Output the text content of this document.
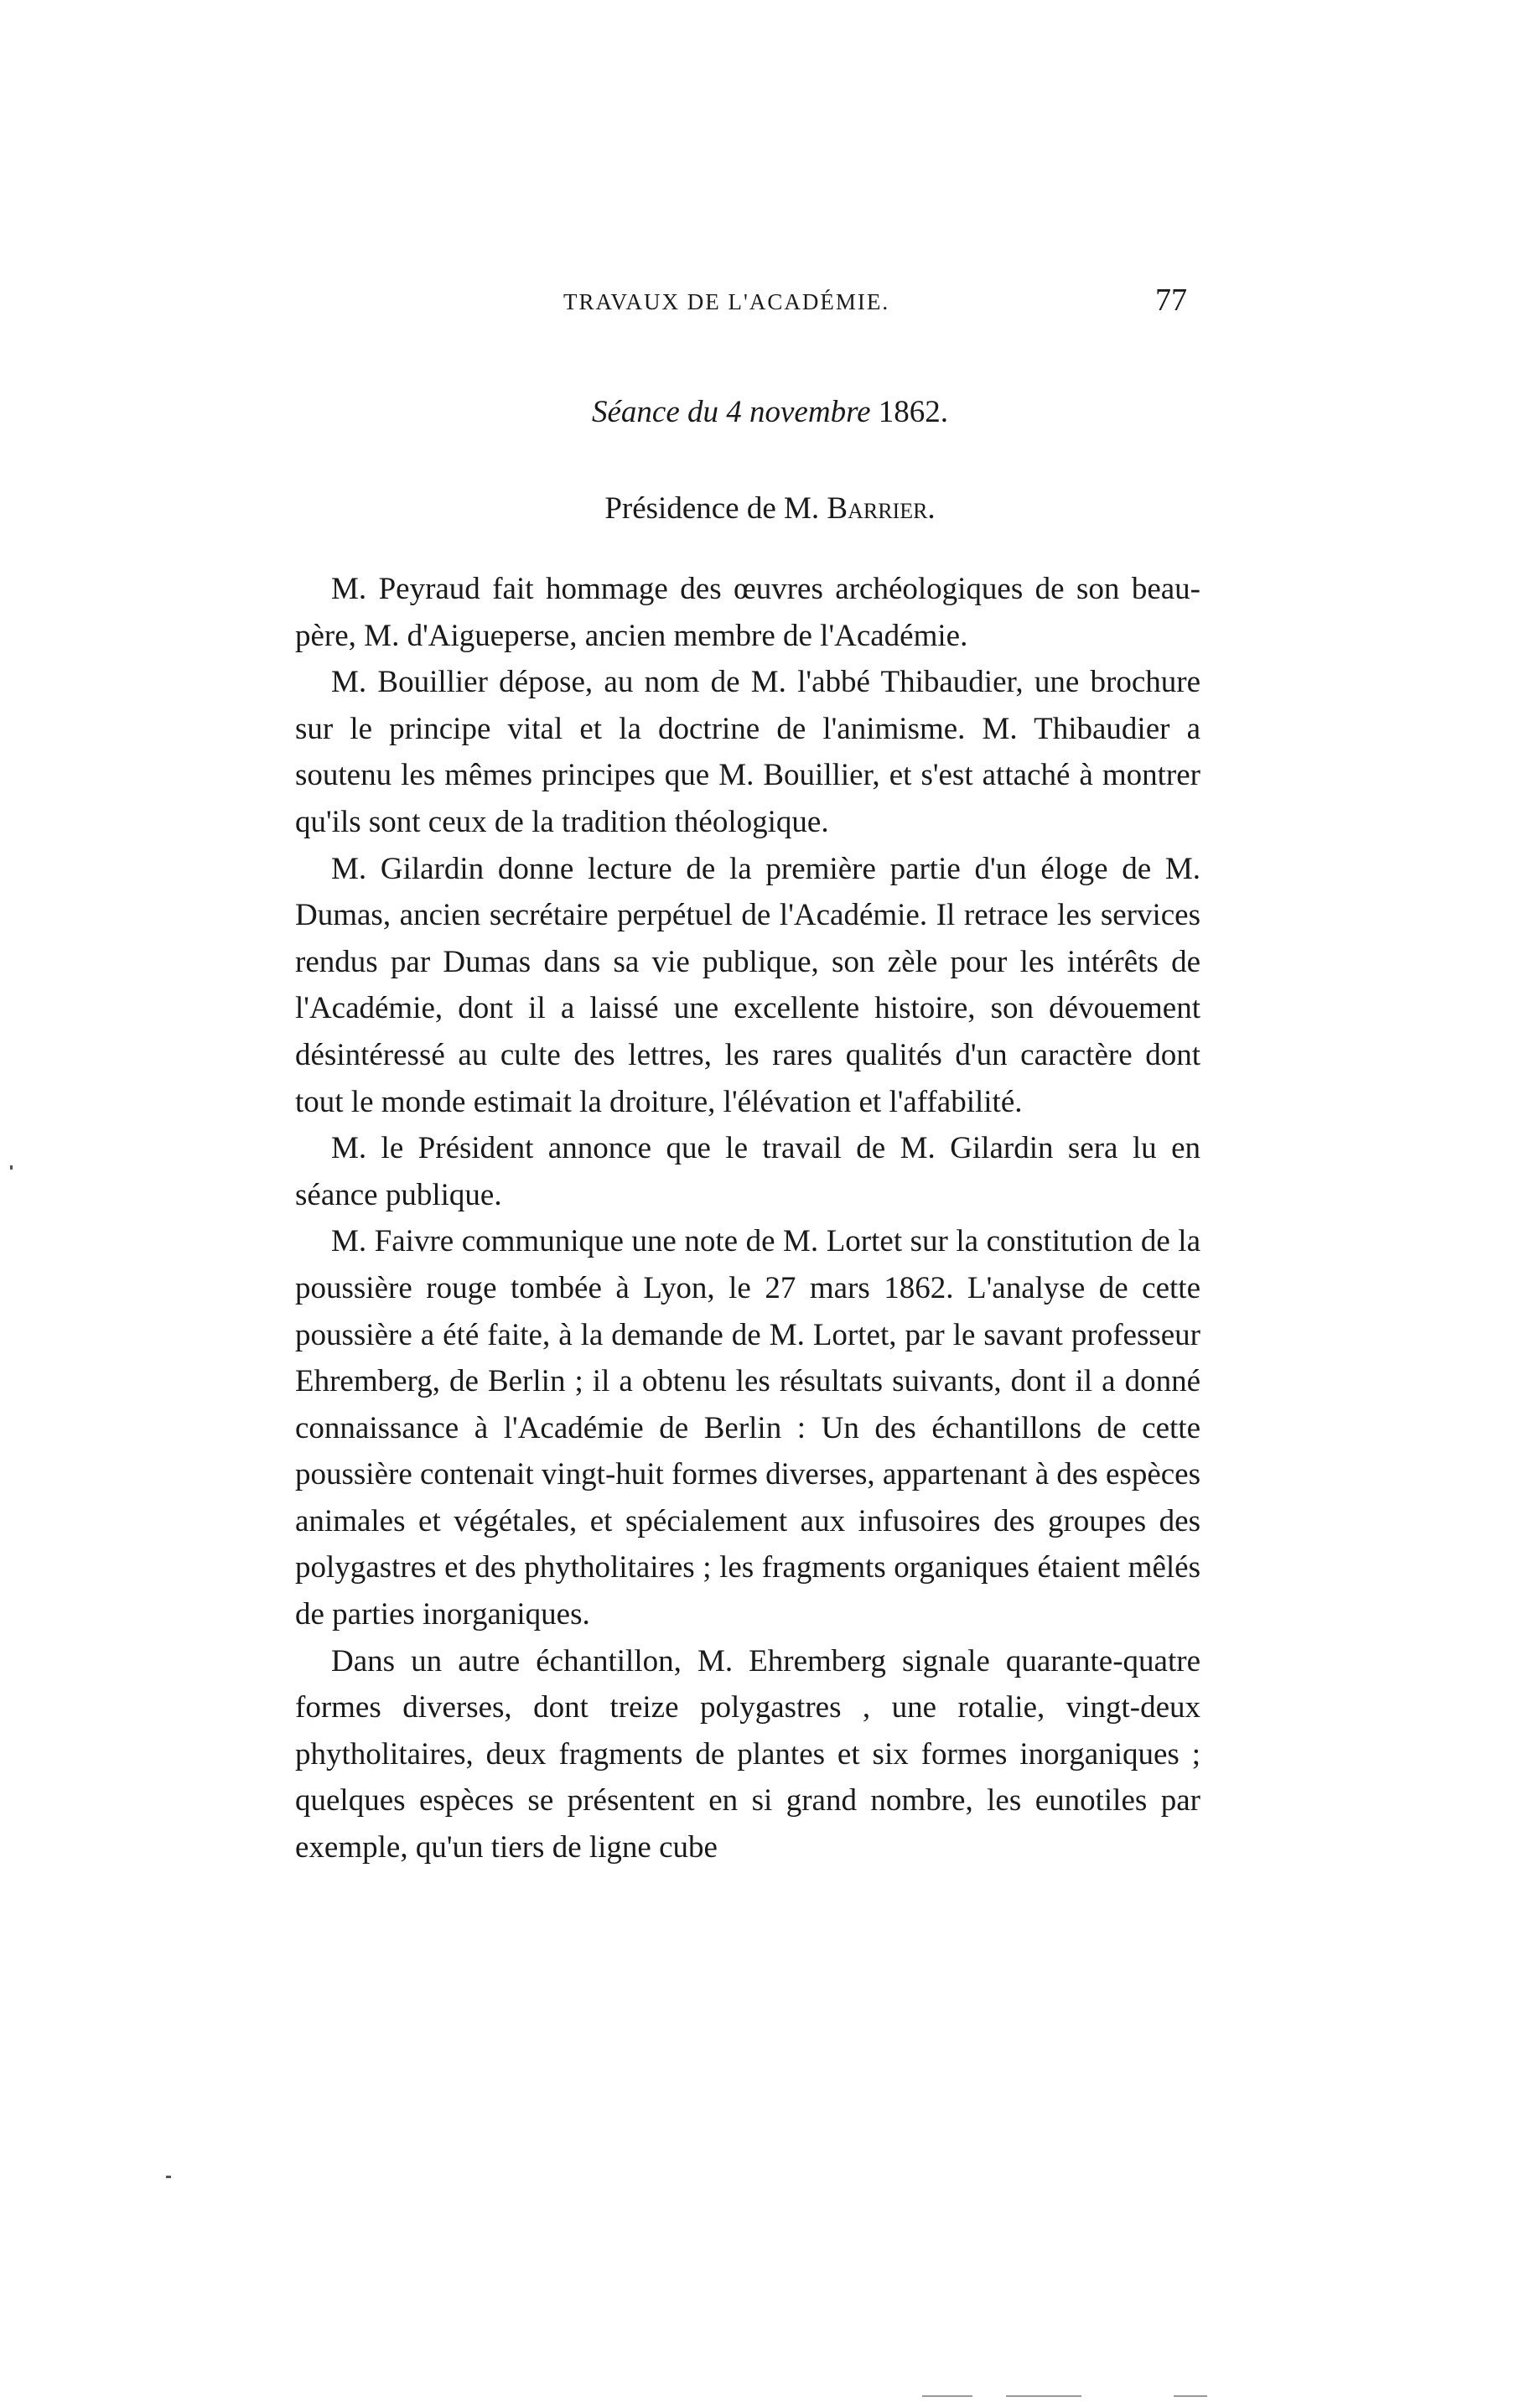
TRAVAUX DE L'ACADÉMIE.	77
Séance du 4 novembre 1862.
Présidence de M. Barrier.

M. Peyraud fait hommage des œuvres archéologiques de son beau-père, M. d'Aigueperse, ancien membre de l'Académie.

M. Bouillier dépose, au nom de M. l'abbé Thibaudier, une brochure sur le principe vital et la doctrine de l'animisme. M. Thibaudier a soutenu les mêmes principes que M. Bouillier, et s'est attaché à montrer qu'ils sont ceux de la tradition théologique.

M. Gilardin donne lecture de la première partie d'un éloge de M. Dumas, ancien secrétaire perpétuel de l'Académie. Il retrace les services rendus par Dumas dans sa vie publique, son zèle pour les intérêts de l'Académie, dont il a laissé une excellente histoire, son dévouement désintéressé au culte des lettres, les rares qualités d'un caractère dont tout le monde estimait la droiture, l'élévation et l'affabilité.

M. le Président annonce que le travail de M. Gilardin sera lu en séance publique.

M. Faivre communique une note de M. Lortet sur la constitution de la poussière rouge tombée à Lyon, le 27 mars 1862. L'analyse de cette poussière a été faite, à la demande de M. Lortet, par le savant professeur Ehremberg, de Berlin ; il a obtenu les résultats suivants, dont il a donné connaissance à l'Académie de Berlin : Un des échantillons de cette poussière contenait vingt-huit formes diverses, appartenant à des espèces animales et végétales, et spécialement aux infusoires des groupes des polygastres et des phytholitaires ; les fragments organiques étaient mêlés de parties inorganiques.

Dans un autre échantillon, M. Ehremberg signale quarante-quatre formes diverses, dont treize polygastres , une rotalie, vingt-deux phytholitaires, deux fragments de plantes et six formes inorganiques ; quelques espèces se présentent en si grand nombre, les eunotiles par exemple, qu'un tiers de ligne cube
